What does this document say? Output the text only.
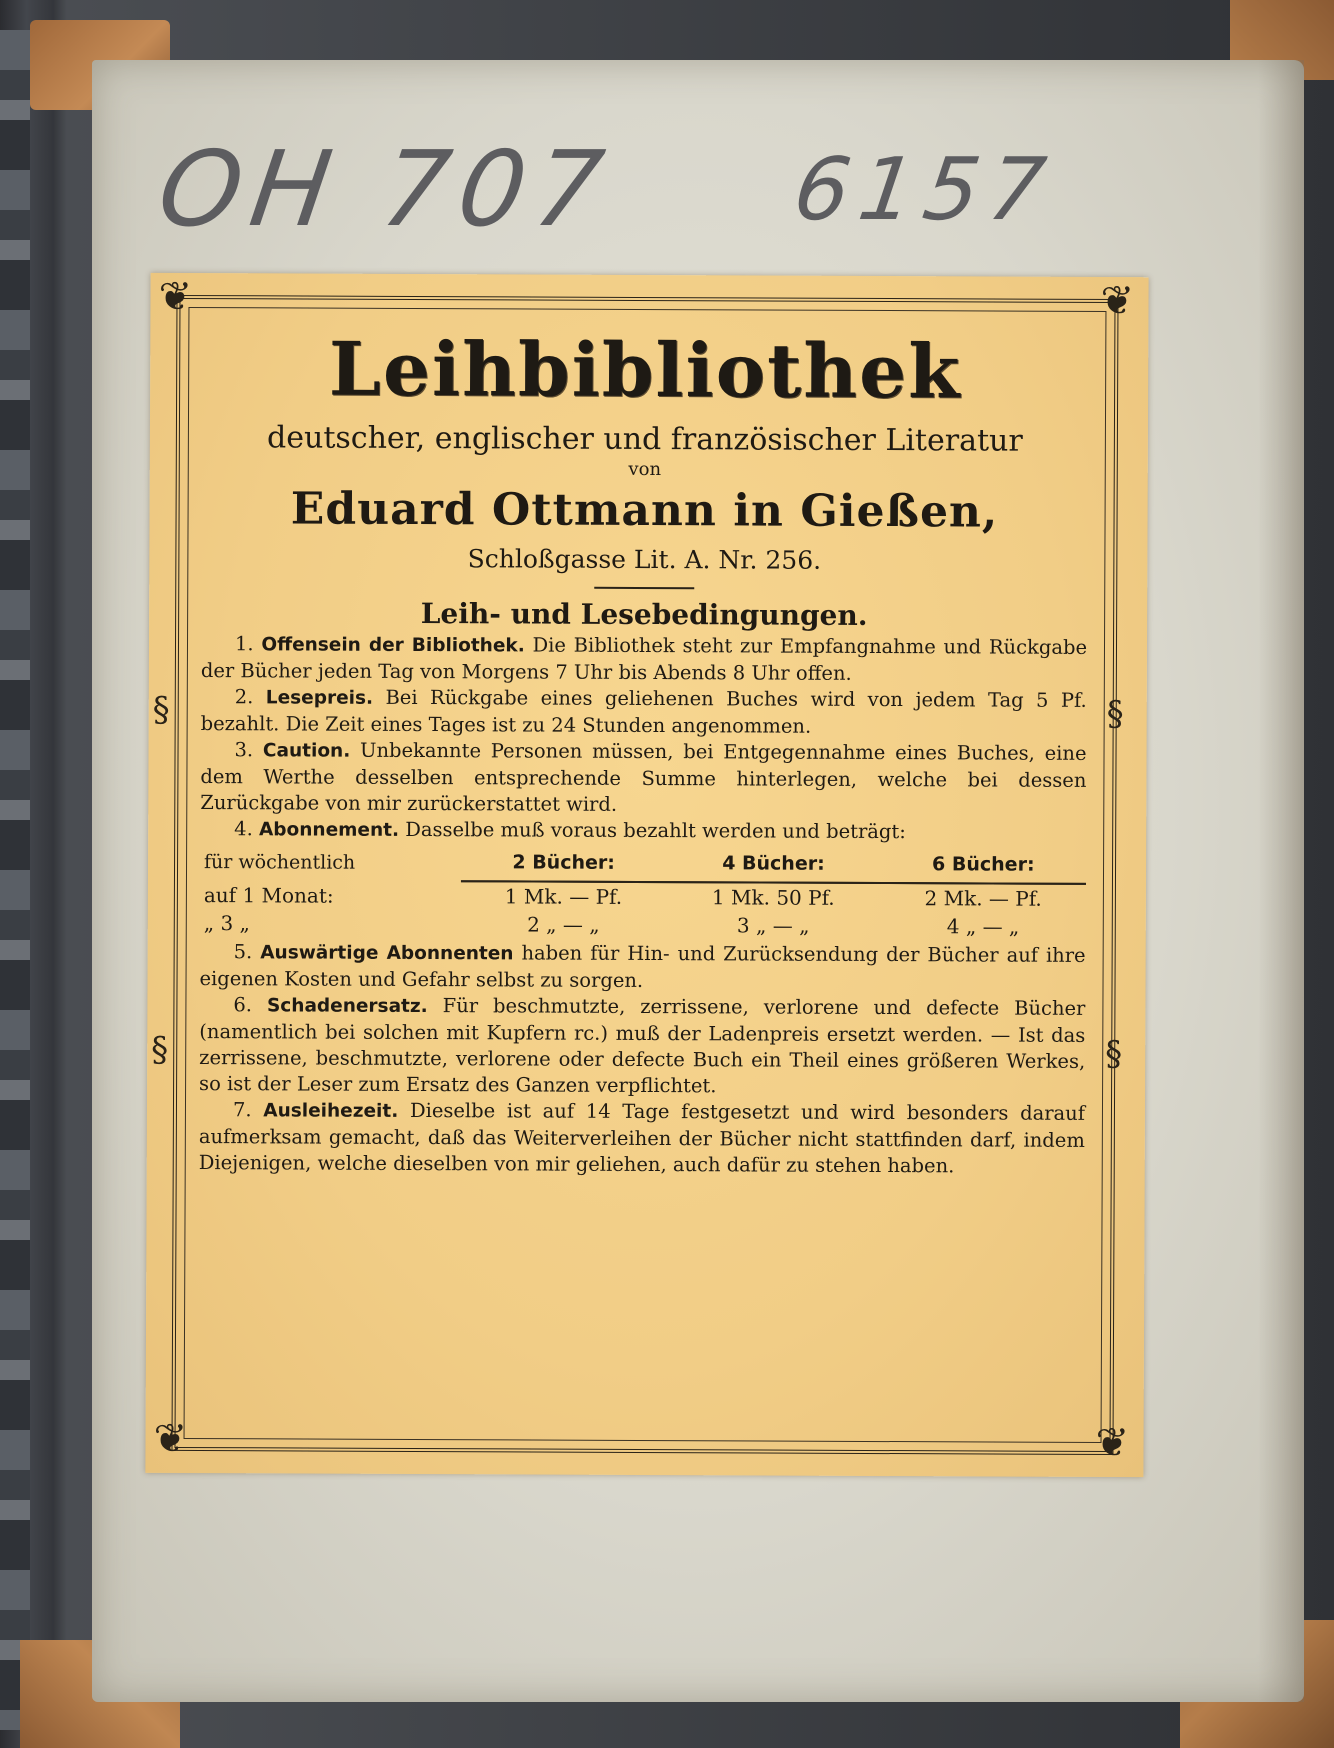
OH 707 6157
❦	❦
❦	❦
§	§
§	§
Leihbibliothek

deutscher, englischer und französischer Literatur

von

Eduard Ottmann in Gießen,

Schloßgasse Lit. A. Nr. 256.

Leih- und Lesebedingungen.

1. Offensein der Bibliothek. Die Bibliothek steht zur Empfangnahme und Rückgabe der Bücher jeden Tag von Morgens 7 Uhr bis Abends 8 Uhr offen.

2. Lesepreis. Bei Rückgabe eines geliehenen Buches wird von jedem Tag 5 Pf. bezahlt. Die Zeit eines Tages ist zu 24 Stunden angenommen.

3. Caution. Unbekannte Personen müssen, bei Entgegennahme eines Buches, eine dem Werthe desselben entsprechende Summe hinterlegen, welche bei dessen Zurückgabe von mir zurückerstattet wird.

4. Abonnement. Dasselbe muß voraus bezahlt werden und beträgt:

für wöchentlich	2 Bücher:	4 Bücher:	6 Bücher:
auf 1 Monat:	1 Mk. — Pf.	1 Mk. 50 Pf.	2 Mk. — Pf.
„ 3 „	2 „ — „	3 „ — „	4 „ — „

5. Auswärtige Abonnenten haben für Hin- und Zurücksendung der Bücher auf ihre eigenen Kosten und Gefahr selbst zu sorgen.

6. Schadenersatz. Für beschmutzte, zerrissene, verlorene und defecte Bücher (namentlich bei solchen mit Kupfern rc.) muß der Ladenpreis ersetzt werden. — Ist das zerrissene, beschmutzte, verlorene oder defecte Buch ein Theil eines größeren Werkes, so ist der Leser zum Ersatz des Ganzen verpflichtet.

7. Ausleihezeit. Dieselbe ist auf 14 Tage festgesetzt und wird besonders darauf aufmerksam gemacht, daß das Weiterverleihen der Bücher nicht stattfinden darf, indem Diejenigen, welche dieselben von mir geliehen, auch dafür zu stehen haben.
